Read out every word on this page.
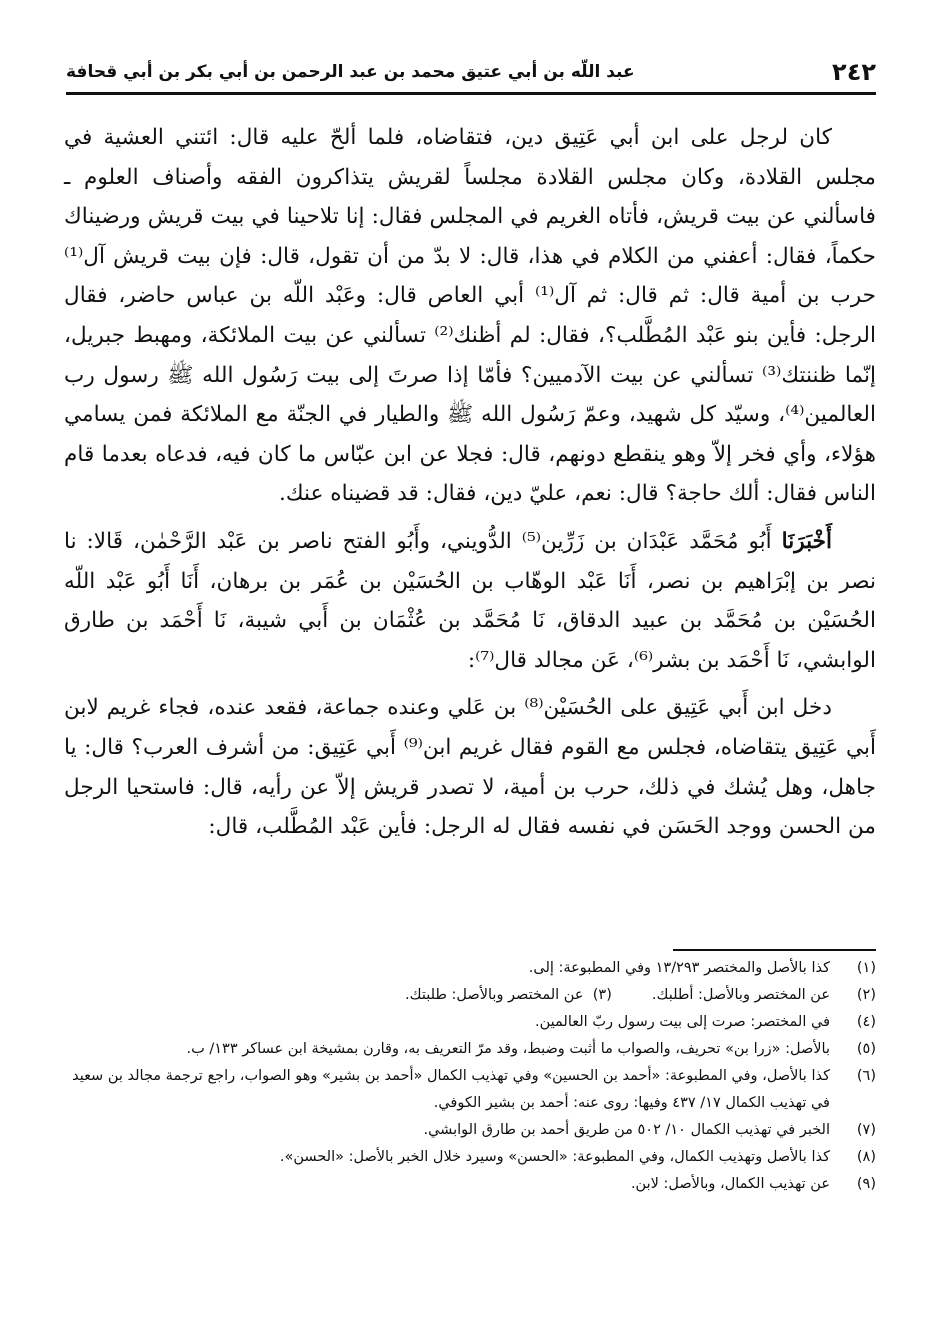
٢٤٢
عبد اللّه بن أبي عتيق محمد بن عبد الرحمن بن أبي بكر بن أبي قحافة

كان لرجل على ابن أبي عَتِيق دين، فتقاضاه، فلما ألحّ عليه قال: ائتني العشية في مجلس القلادة، وكان مجلس القلادة مجلساً لقريش يتذاكرون الفقه وأصناف العلوم ـ فاسألني عن بيت قريش، فأتاه الغريم في المجلس فقال: إنا تلاحينا في بيت قريش ورضيناك حكماً، فقال: أعفني من الكلام في هذا، قال: لا بدّ من أن تقول، قال: فإن بيت قريش آل⁽¹⁾ حرب بن أمية قال: ثم قال: ثم آل⁽¹⁾ أبي العاص قال: وعَبْد اللّه بن عباس حاضر، فقال الرجل: فأين بنو عَبْد المُطَّلب؟، فقال: لم أظنك⁽²⁾ تسألني عن بيت الملائكة، ومهبط جبريل، إنّما ظننتك⁽³⁾ تسألني عن بيت الآدميين؟ فأمّا إذا صرتَ إلى بيت رَسُول الله ﷺ رسول رب العالمين⁽⁴⁾، وسيّد كل شهيد، وعمّ رَسُول الله ﷺ والطيار في الجنّة مع الملائكة فمن يسامي هؤلاء، وأي فخر إلاّ وهو ينقطع دونهم، قال: فجلا عن ابن عبّاس ما كان فيه، فدعاه بعدما قام الناس فقال: ألك حاجة؟ قال: نعم، عليّ دين، فقال: قد قضيناه عنك.

أَخْبَرَنَا أَبُو مُحَمَّد عَبْدَان بن زَرِّين⁽⁵⁾ الدُّويني، وأَبُو الفتح ناصر بن عَبْد الرَّحْمٰن، قَالا: نا نصر بن إبْرَاهيم بن نصر، أَنَا عَبْد الوهّاب بن الحُسَيْن بن عُمَر بن برهان، أَنَا أَبُو عَبْد اللّه الحُسَيْن بن مُحَمَّد بن عبيد الدقاق، نَا مُحَمَّد بن عُثْمَان بن أَبي شيبة، نَا أَحْمَد بن طارق الوابشي، نَا أَحْمَد بن بشر⁽⁶⁾، عَن مجالد قال⁽⁷⁾:

دخل ابن أَبي عَتِيق على الحُسَيْن⁽⁸⁾ بن عَلي وعنده جماعة، فقعد عنده، فجاء غريم لابن أَبي عَتِيق يتقاضاه، فجلس مع القوم فقال غريم ابن⁽⁹⁾ أَبي عَتِيق: من أشرف العرب؟ قال: يا جاهل، وهل يُشك في ذلك، حرب بن أمية، لا تصدر قريش إلاّ عن رأيه، قال: فاستحيا الرجل من الحسن ووجد الحَسَن في نفسه فقال له الرجل: فأين عَبْد المُطَّلب، قال:

(١)
كذا بالأصل والمختصر ١٣/٢٩٣ وفي المطبوعة: إلى.
(٢)
عن المختصر وبالأصل: أطلبك.
(٣)  عن المختصر وبالأصل: طلبتك.
(٤)
في المختصر: صرت إلى بيت رسول ربّ العالمين.
(٥)
بالأصل: «زرا بن» تحريف، والصواب ما أثبت وضبط، وقد مرّ التعريف به، وقارن بمشيخة ابن عساكر ١٣٣/ ب.
(٦)
كذا بالأصل، وفي المطبوعة: «أحمد بن الحسين» وفي تهذيب الكمال «أحمد بن بشير» وهو الصواب، راجع ترجمة مجالد بن سعيد في تهذيب الكمال ١٧/ ٤٣٧ وفيها: روى عنه: أحمد بن بشير الكوفي.
(٧)
الخبر في تهذيب الكمال ١٠/ ٥٠٢ من طريق أحمد بن طارق الوابشي.
(٨)
كذا بالأصل وتهذيب الكمال، وفي المطبوعة: «الحسن» وسيرد خلال الخبر بالأصل: «الحسن».
(٩)
عن تهذيب الكمال، وبالأصل: لابن.
